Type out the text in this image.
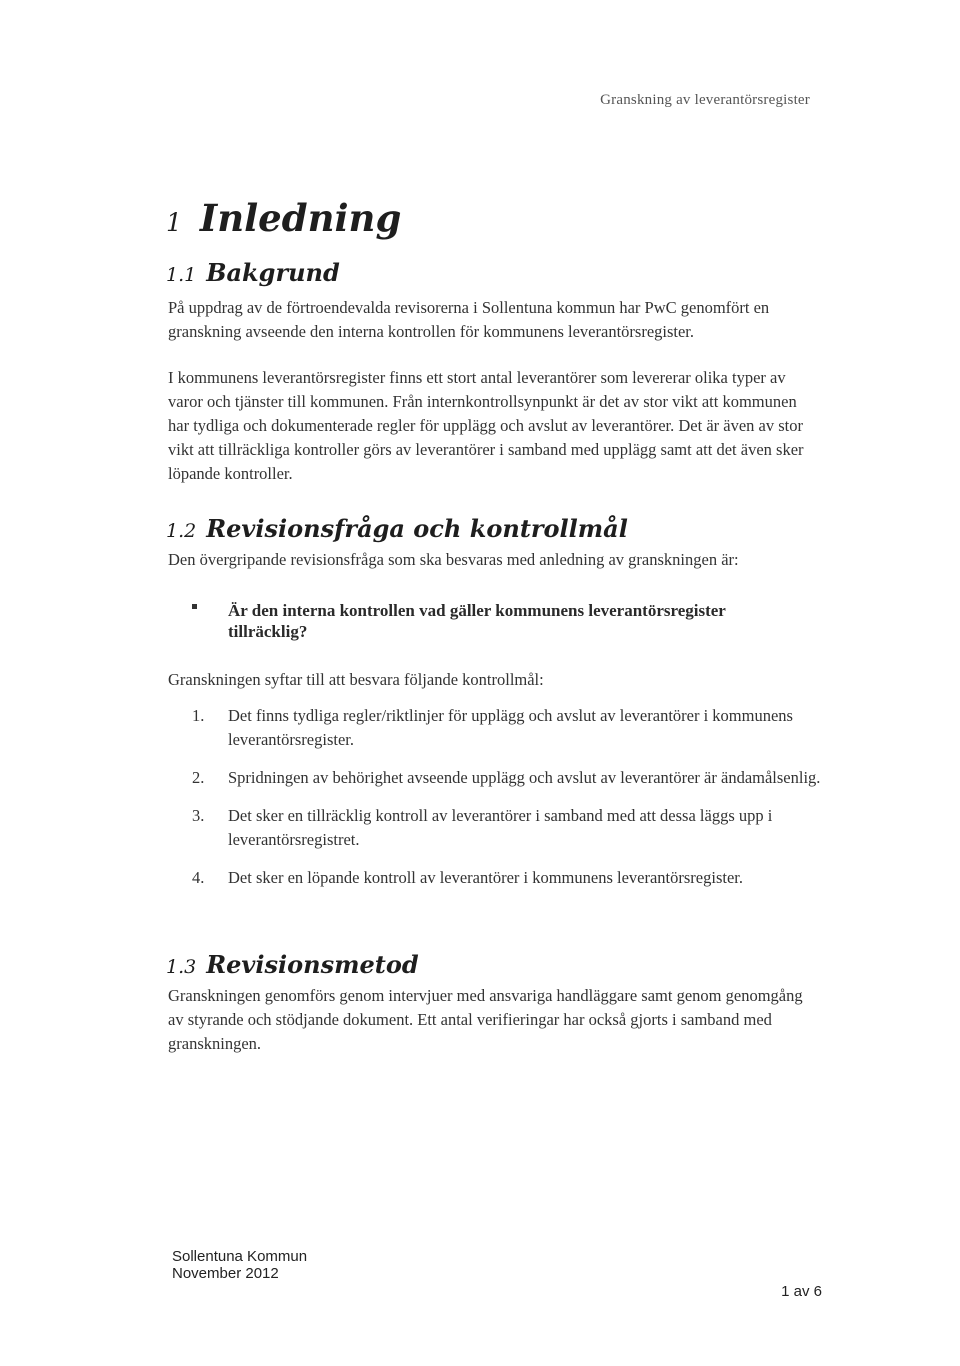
Granskning av leverantörsregister
1 Inledning
1.1 Bakgrund

På uppdrag av de förtroendevalda revisorerna i Sollentuna kommun har PwC genomfört en granskning avseende den interna kontrollen för kommunens leverantörsregister.

I kommunens leverantörsregister finns ett stort antal leverantörer som levererar olika typer av varor och tjänster till kommunen. Från internkontrollsynpunkt är det av stor vikt att kommunen har tydliga och dokumenterade regler för upplägg och avslut av leverantörer. Det är även av stor vikt att tillräckliga kontroller görs av leverantörer i samband med upplägg samt att det även sker löpande kontroller.

1.2 Revisionsfråga och kontrollmål

Den övergripande revisionsfråga som ska besvaras med anledning av granskningen är:

Är den interna kontrollen vad gäller kommunens leverantörsregister tillräcklig?

Granskningen syftar till att besvara följande kontrollmål:

1. Det finns tydliga regler/riktlinjer för upplägg och avslut av leverantörer i kommunens leverantörsregister.
2. Spridningen av behörighet avseende upplägg och avslut av leverantörer är ändamålsenlig.
3. Det sker en tillräcklig kontroll av leverantörer i samband med att dessa läggs upp i leverantörsregistret.
4. Det sker en löpande kontroll av leverantörer i kommunens leverantörsregister.
1.3 Revisionsmetod

Granskningen genomförs genom intervjuer med ansvariga handläggare samt genom genomgång av styrande och stödjande dokument. Ett antal verifieringar har också gjorts i samband med granskningen.

Sollentuna Kommun
November 2012
1 av 6
